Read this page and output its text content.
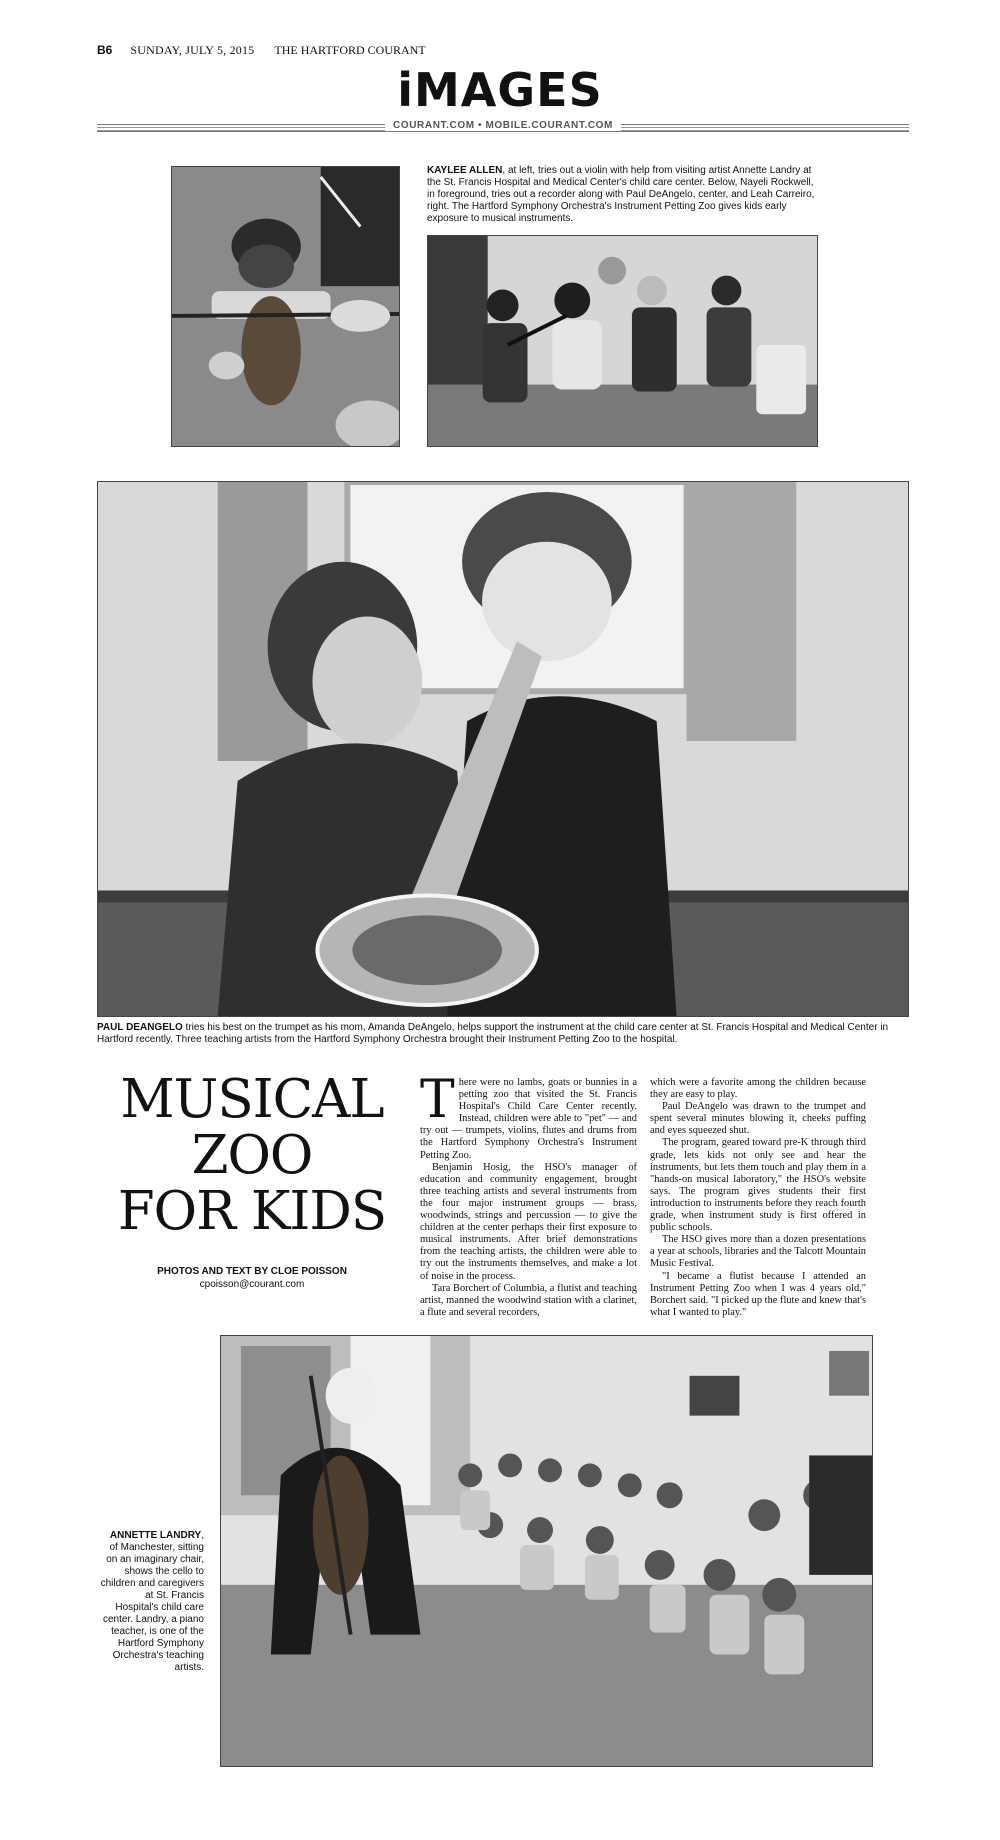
B6 SUNDAY, JULY 5, 2015 THE HARTFORD COURANT
iMAGES
COURANT.COM • MOBILE.COURANT.COM
KAYLEE ALLEN, at left, tries out a violin with help from visiting artist Annette Landry at the St. Francis Hospital and Medical Center's child care center. Below, Nayeli Rockwell, in foreground, tries out a recorder along with Paul DeAngelo, center, and Leah Carreiro, right. The Hartford Symphony Orchestra's Instrument Petting Zoo gives kids early exposure to musical instruments.
PAUL DEANGELO tries his best on the trumpet as his mom, Amanda DeAngelo, helps support the instrument at the child care center at St. Francis Hospital and Medical Center in Hartford recently. Three teaching artists from the Hartford Symphony Orchestra brought their Instrument Petting Zoo to the hospital.
MUSICAL
ZOO
FOR KIDS
PHOTOS AND TEXT BY CLOE POISSON
cpoisson@courant.com

There were no lambs, goats or bunnies in a petting zoo that visited the St. Francis Hospital's Child Care Center recently. Instead, children were able to "pet" — and try out — trumpets, violins, flutes and drums from the Hartford Symphony Orchestra's Instrument Petting Zoo.

Benjamin Hosig, the HSO's manager of education and community engagement, brought three teaching artists and several instruments from the four major instrument groups — brass, woodwinds, strings and percussion — to give the children at the center perhaps their first exposure to musical instruments. After brief demonstrations from the teaching artists, the children were able to try out the instruments themselves, and make a lot of noise in the process.

Tara Borchert of Columbia, a flutist and teaching artist, manned the woodwind station with a clarinet, a flute and several recorders,

which were a favorite among the children because they are easy to play.

Paul DeAngelo was drawn to the trumpet and spent several minutes blowing it, cheeks puffing and eyes squeezed shut.

The program, geared toward pre-K through third grade, lets kids not only see and hear the instruments, but lets them touch and play them in a "hands-on musical laboratory," the HSO's website says. The program gives students their first introduction to instruments before they reach fourth grade, when instrument study is first offered in public schools.

The HSO gives more than a dozen presentations a year at schools, libraries and the Talcott Mountain Music Festival.

"I became a flutist because I attended an Instrument Petting Zoo when I was 4 years old," Borchert said. "I picked up the flute and knew that's what I wanted to play."

ANNETTE LANDRY, of Manchester, sitting on an imaginary chair, shows the cello to children and caregivers at St. Francis Hospital's child care center. Landry, a piano teacher, is one of the Hartford Symphony Orchestra's teaching artists.
